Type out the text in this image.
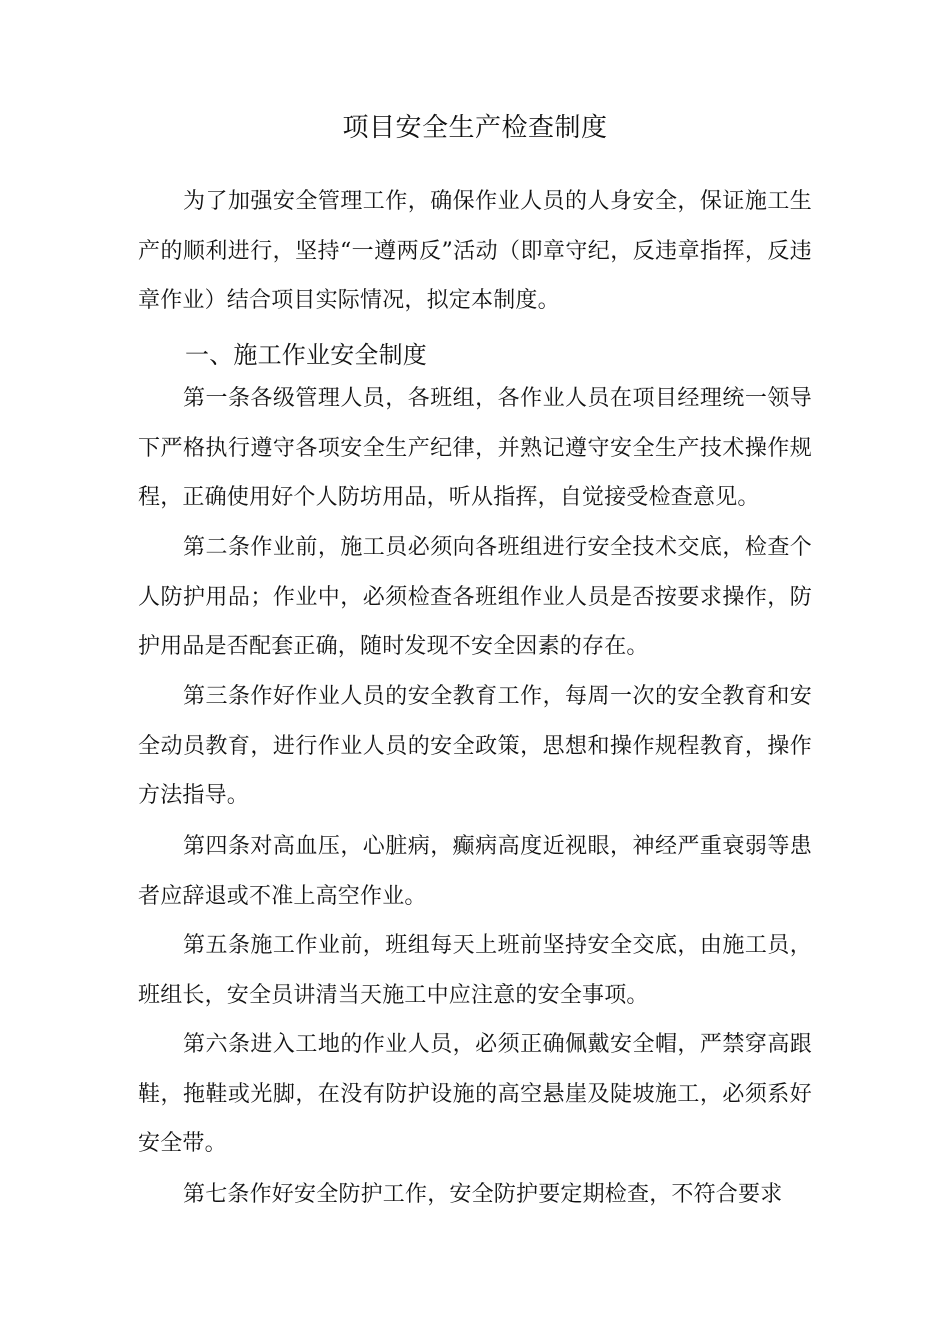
项目安全生产检查制度
为了加强安全管理工作，确保作业人员的人身安全，保证施工生产的顺利进行，坚持“一遵两反”活动（即章守纪，反违章指挥，反违章作业）结合项目实际情况，拟定本制度。
一、施工作业安全制度
第一条各级管理人员，各班组，各作业人员在项目经理统一领导下严格执行遵守各项安全生产纪律，并熟记遵守安全生产技术操作规程，正确使用好个人防坊用品，听从指挥，自觉接受检查意见。
第二条作业前，施工员必须向各班组进行安全技术交底，检查个人防护用品；作业中，必须检查各班组作业人员是否按要求操作，防护用品是否配套正确，随时发现不安全因素的存在。
第三条作好作业人员的安全教育工作，每周一次的安全教育和安全动员教育，进行作业人员的安全政策，思想和操作规程教育，操作方法指导。
第四条对高血压，心脏病，癫病高度近视眼，神经严重衰弱等患者应辞退或不准上高空作业。
第五条施工作业前，班组每天上班前坚持安全交底，由施工员，班组长，安全员讲清当天施工中应注意的安全事项。
第六条进入工地的作业人员，必须正确佩戴安全帽，严禁穿高跟鞋，拖鞋或光脚，在没有防护设施的高空悬崖及陡坡施工，必须系好安全带。
第七条作好安全防护工作，安全防护要定期检查，不符合要求
